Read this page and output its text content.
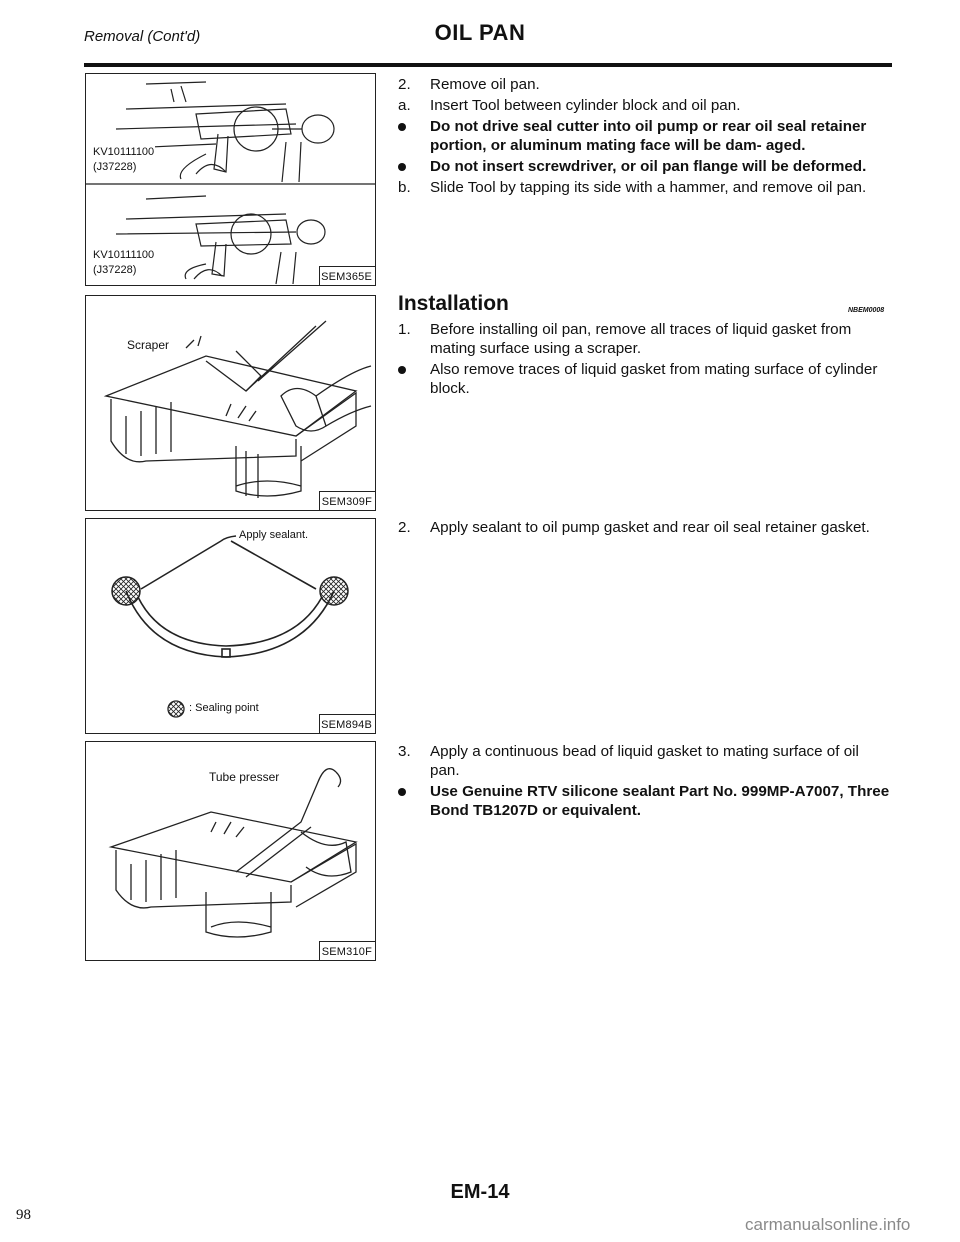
Removal (Cont'd)	OIL PAN
KV10111100
(J37228)
KV10111100
(J37228)
SEM365E
Scraper
SEM309F
Apply sealant.
: Sealing point
SEM894B
Tube presser
SEM310F
2. Remove oil pan.
a. Insert Tool between cylinder block and oil pan.
Do not drive seal cutter into oil pump or rear oil seal retainer portion, or aluminum mating face will be dam- aged.
Do not insert screwdriver, or oil pan flange will be deformed.
b. Slide Tool by tapping its side with a hammer, and remove oil pan.
Installation	NBEM0008
1. Before installing oil pan, remove all traces of liquid gasket from mating surface using a scraper.
Also remove traces of liquid gasket from mating surface of cylinder block.
2. Apply sealant to oil pump gasket and rear oil seal retainer gasket.
3. Apply a continuous bead of liquid gasket to mating surface of oil pan.
Use Genuine RTV silicone sealant Part No. 999MP-A7007, Three Bond TB1207D or equivalent.
EM-14
98	carmanualsonline.info
